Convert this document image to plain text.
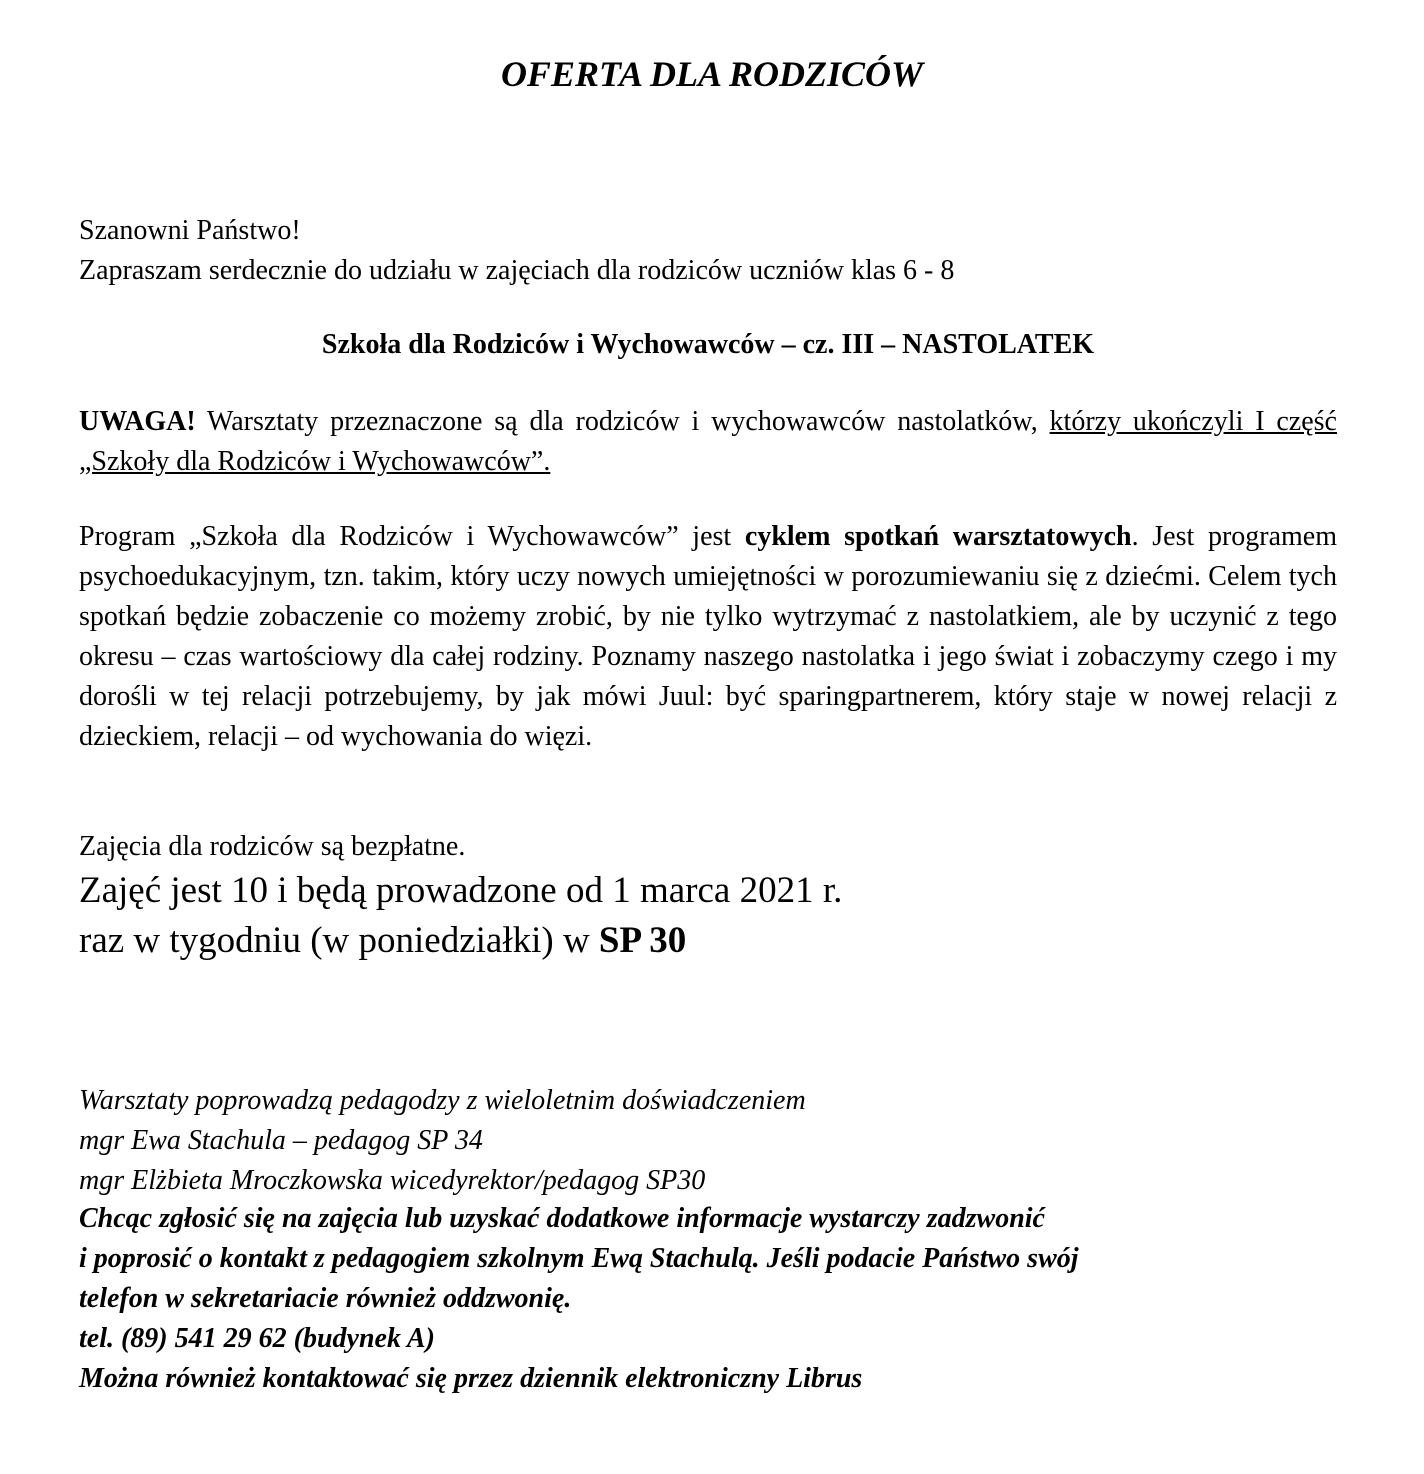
OFERTA DLA RODZICÓW
Szanowni Państwo!
Zapraszam serdecznie do udziału w zajęciach dla rodziców uczniów klas 6 - 8
Szkoła dla Rodziców i Wychowawców – cz. III – NASTOLATEK

UWAGA! Warsztaty przeznaczone są dla rodziców i wychowawców nastolatków, którzy ukończyli I część „Szkoły dla Rodziców i Wychowawców”.

Program „Szkoła dla Rodziców i Wychowawców” jest cyklem spotkań warsztatowych. Jest programem psychoedukacyjnym, tzn. takim, który uczy nowych umiejętności w porozumiewaniu się z dziećmi. Celem tych spotkań będzie zobaczenie co możemy zrobić, by nie tylko wytrzymać z nastolatkiem, ale by uczynić z tego okresu – czas wartościowy dla całej rodziny. Poznamy naszego nastolatka i jego świat i zobaczymy czego i my dorośli w tej relacji potrzebujemy, by jak mówi Juul: być sparingpartnerem, który staje w nowej relacji z dzieckiem, relacji – od wychowania do więzi.

Zajęcia dla rodziców są bezpłatne.
Zajęć jest 10 i będą prowadzone od 1 marca 2021 r.
raz w tygodniu (w poniedziałki) w SP 30
Warsztaty poprowadzą pedagodzy z wieloletnim doświadczeniem
mgr Ewa Stachula – pedagog SP 34
mgr Elżbieta Mroczkowska wicedyrektor/pedagog SP30
Chcąc zgłosić się na zajęcia lub uzyskać dodatkowe informacje wystarczy zadzwonić
i poprosić o kontakt z pedagogiem szkolnym Ewą Stachulą. Jeśli podacie Państwo swój
telefon w sekretariacie również oddzwonię.
tel. (89) 541 29 62 (budynek A)
Można również kontaktować się przez dziennik elektroniczny Librus
